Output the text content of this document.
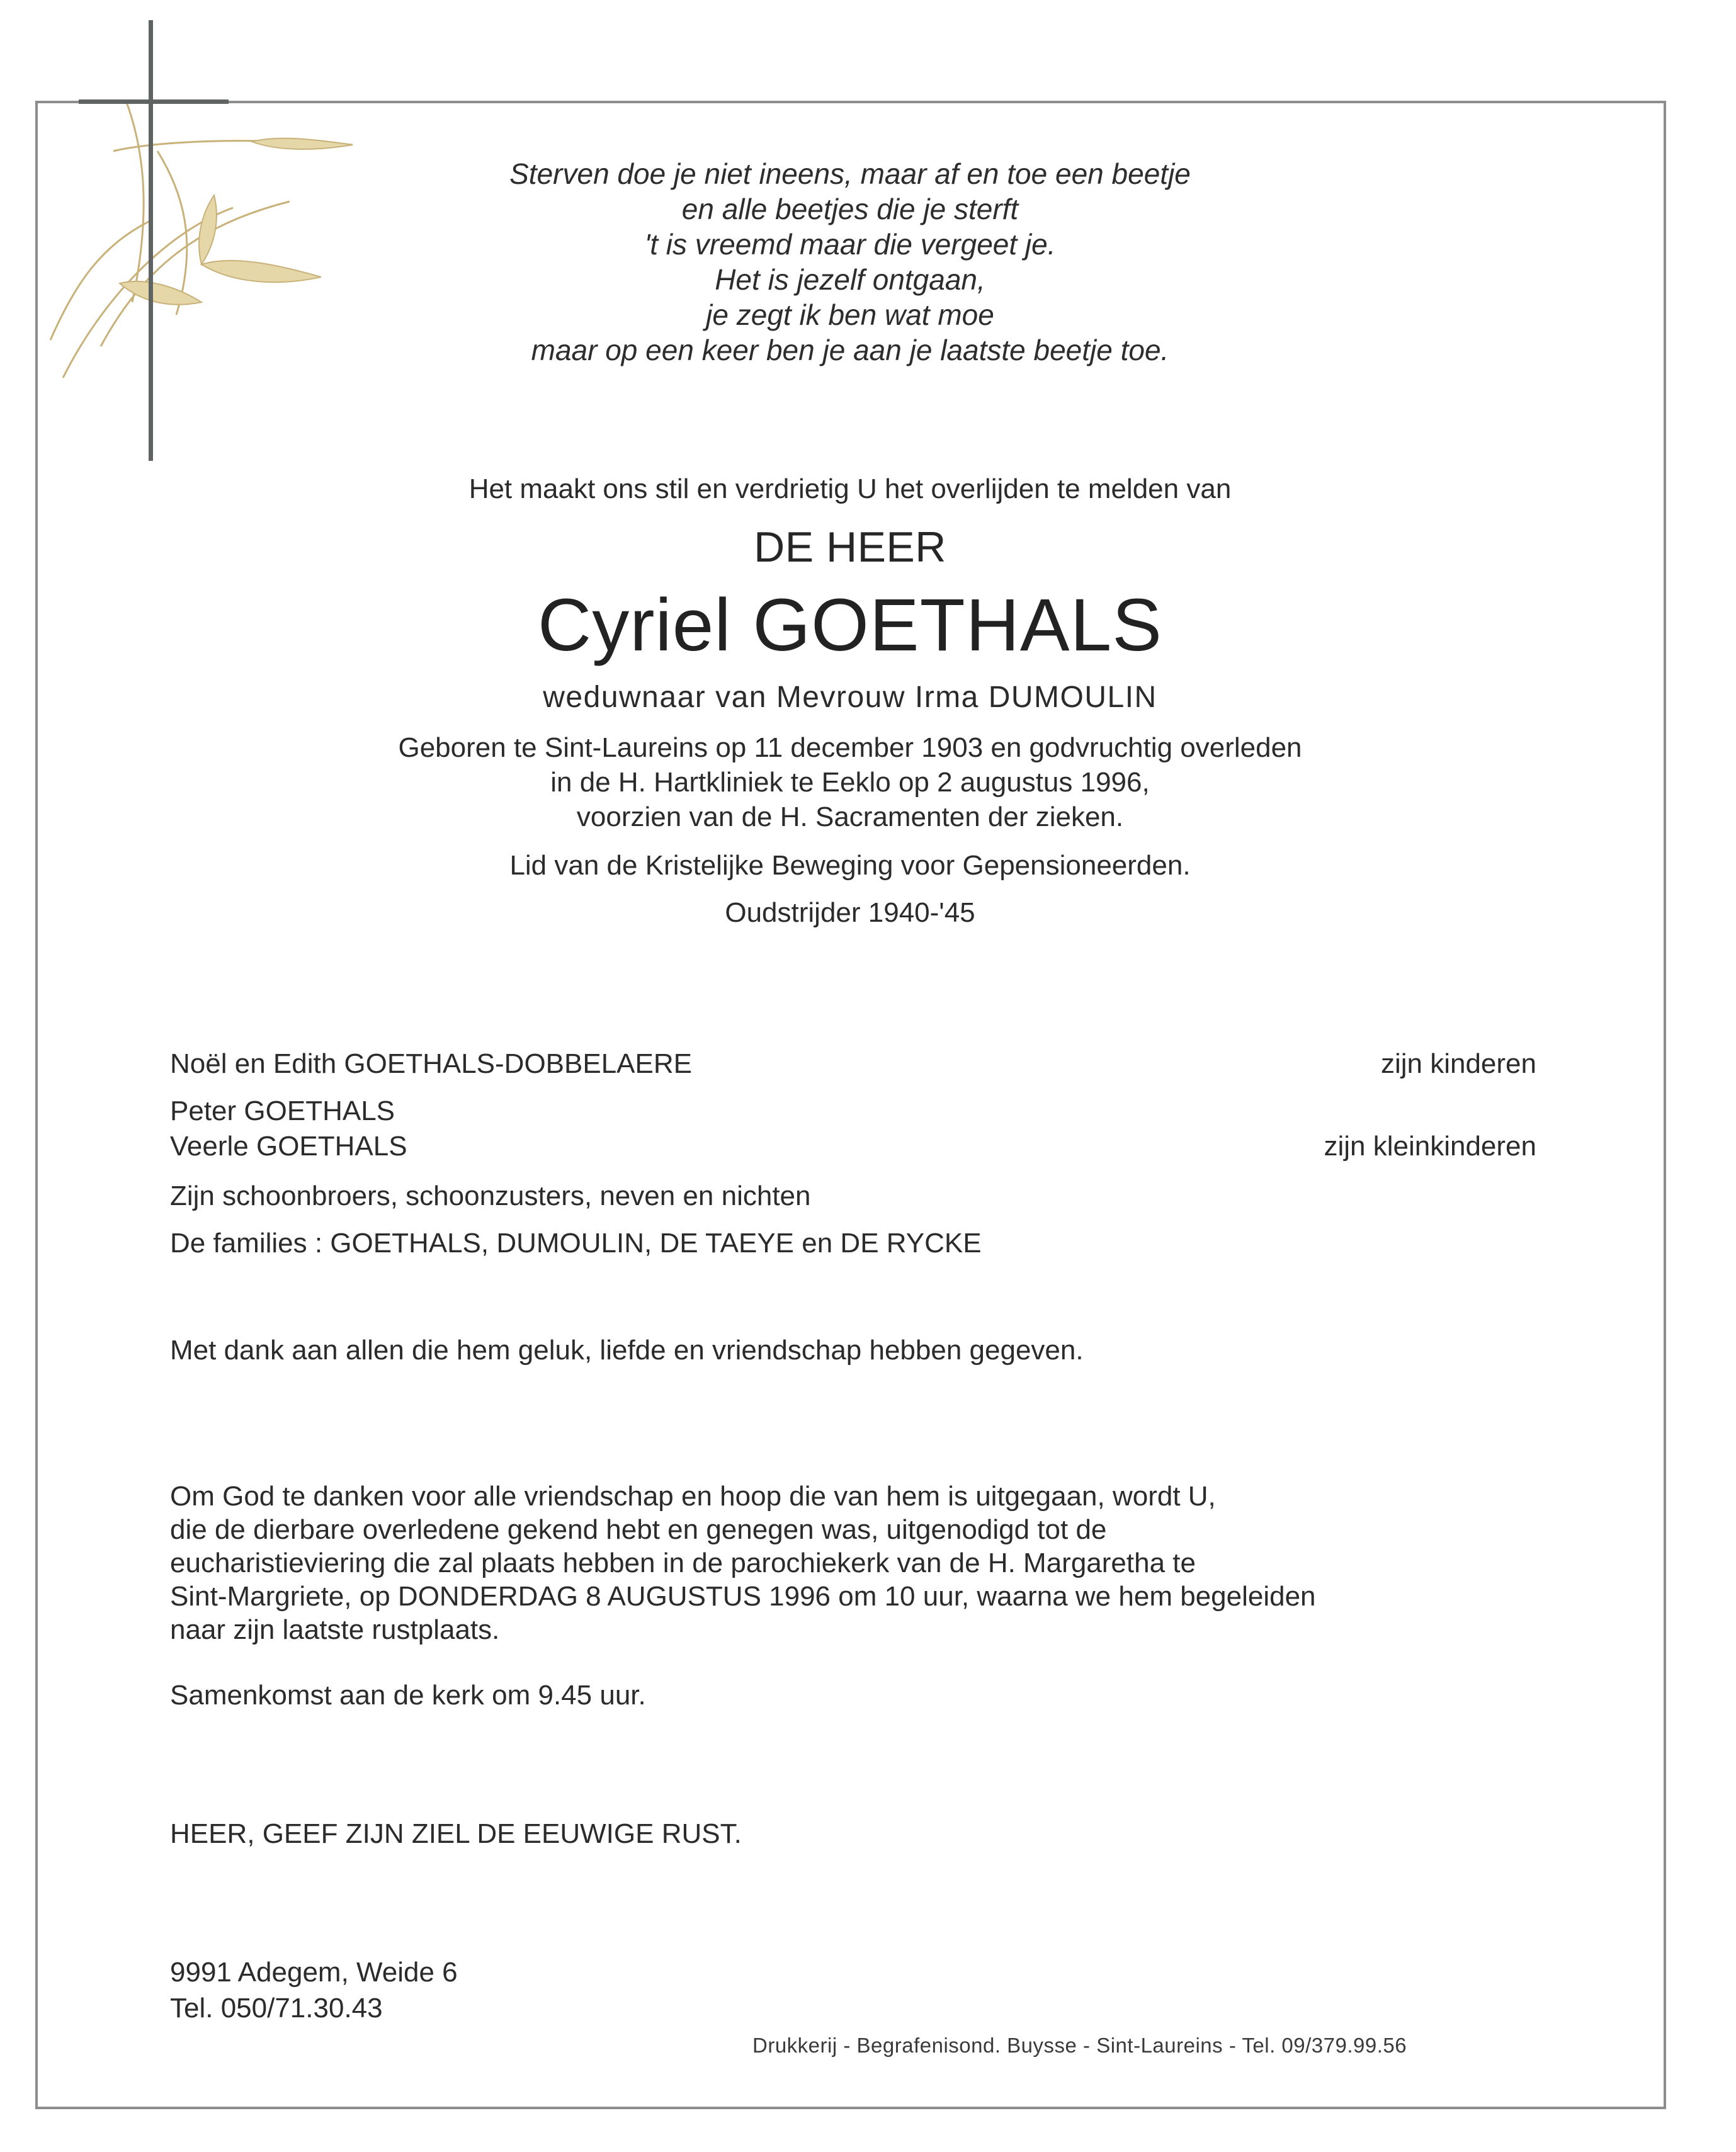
Sterven doe je niet ineens, maar af en toe een beetje
en alle beetjes die je sterft
't is vreemd maar die vergeet je.
Het is jezelf ontgaan,
je zegt ik ben wat moe
maar op een keer ben je aan je laatste beetje toe.
Het maakt ons stil en verdrietig U het overlijden te melden van
DE HEER
Cyriel GOETHALS
weduwnaar van Mevrouw Irma DUMOULIN
Geboren te Sint-Laureins op 11 december 1903 en godvruchtig overleden
in de H. Hartkliniek te Eeklo op 2 augustus 1996,
voorzien van de H. Sacramenten der zieken.
Lid van de Kristelijke Beweging voor Gepensioneerden.
Oudstrijder 1940-'45
Noël en Edith GOETHALS-DOBBELAERE	zijn kinderen
Peter GOETHALS
Veerle GOETHALS	zijn kleinkinderen
Zijn schoonbroers, schoonzusters, neven en nichten
De families : GOETHALS, DUMOULIN, DE TAEYE en DE RYCKE
Met dank aan allen die hem geluk, liefde en vriendschap hebben gegeven.
Om God te danken voor alle vriendschap en hoop die van hem is uitgegaan, wordt U,
die de dierbare overledene gekend hebt en genegen was, uitgenodigd tot de
eucharistieviering die zal plaats hebben in de parochiekerk van de H. Margaretha te
Sint-Margriete, op DONDERDAG 8 AUGUSTUS 1996 om 10 uur, waarna we hem begeleiden
naar zijn laatste rustplaats.
Samenkomst aan de kerk om 9.45 uur.
HEER, GEEF ZIJN ZIEL DE EEUWIGE RUST.
9991 Adegem, Weide 6
Tel. 050/71.30.43
Drukkerij - Begrafenisond. Buysse - Sint-Laureins - Tel. 09/379.99.56
